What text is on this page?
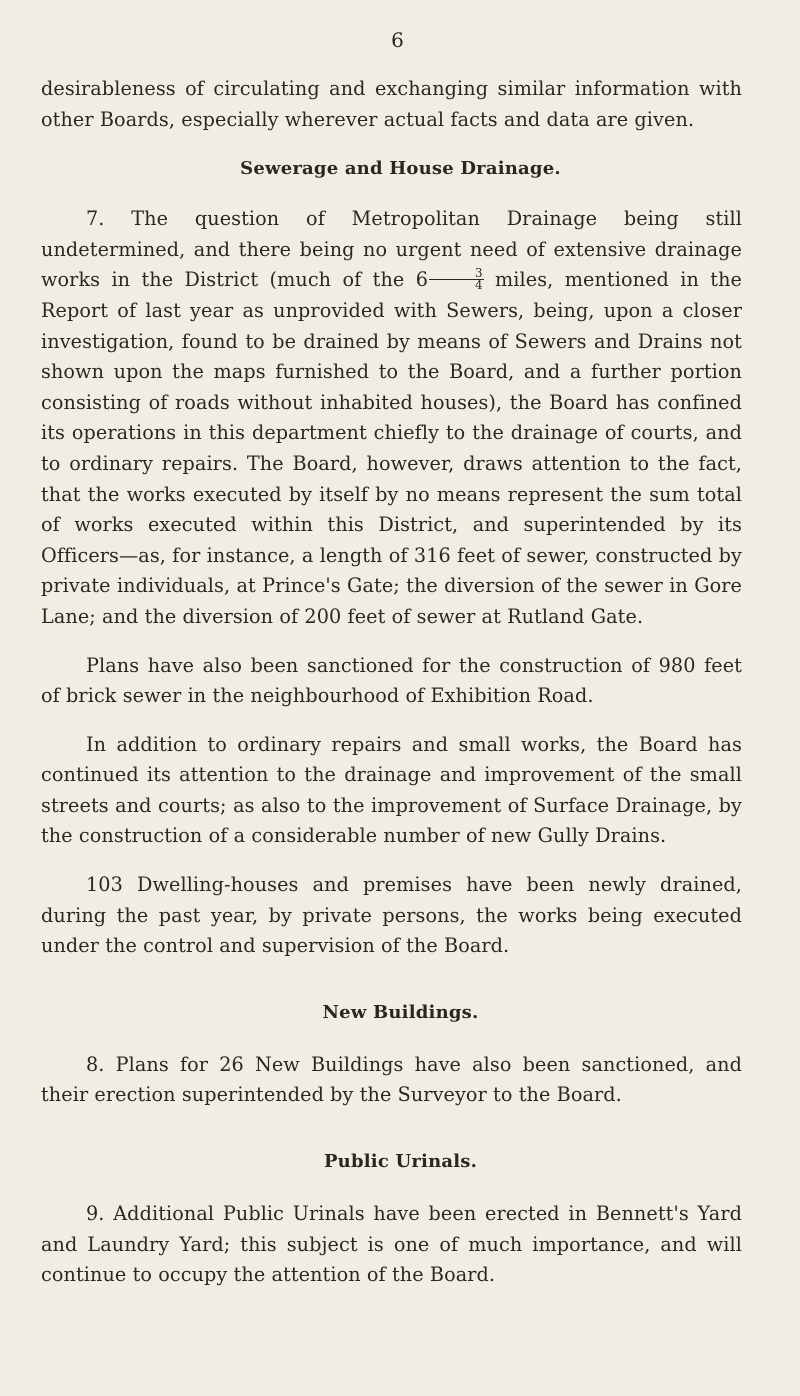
6

desirableness of circulating and exchanging similar information with other Boards, especially wherever actual facts and data are given.

Sewerage and House Drainage.

7. The question of Metropolitan Drainage being still undetermined, and there being no urgent need of extensive drainage works in the District (much of the $6 \frac{3}{4}$ miles, mentioned in the Report of last year as unprovided with Sewers, being, upon a closer investigation, found to be drained by means of Sewers and Drains not shown upon the maps furnished to the Board, and a further portion consisting of roads without inhabited houses), the Board has confined its operations in this department chiefly to the drainage of courts, and to ordinary repairs. The Board, however, draws attention to the fact, that the works executed by itself by no means represent the sum total of works executed within this District, and superintended by its Officers—as, for instance, a length of 316 feet of sewer, constructed by private individuals, at Prince's Gate; the diversion of the sewer in Gore Lane; and the diversion of 200 feet of sewer at Rutland Gate.

Plans have also been sanctioned for the construction of 980 feet of brick sewer in the neighbourhood of Exhibition Road.

In addition to ordinary repairs and small works, the Board has continued its attention to the drainage and improvement of the small streets and courts; as also to the improvement of Surface Drainage, by the construction of a considerable number of new Gully Drains.

103 Dwelling-houses and premises have been newly drained, during the past year, by private persons, the works being executed under the control and supervision of the Board.

New Buildings.

8. Plans for 26 New Buildings have also been sanctioned, and their erection superintended by the Surveyor to the Board.

Public Urinals.

9. Additional Public Urinals have been erected in Bennett's Yard and Laundry Yard; this subject is one of much importance, and will continue to occupy the attention of the Board.
